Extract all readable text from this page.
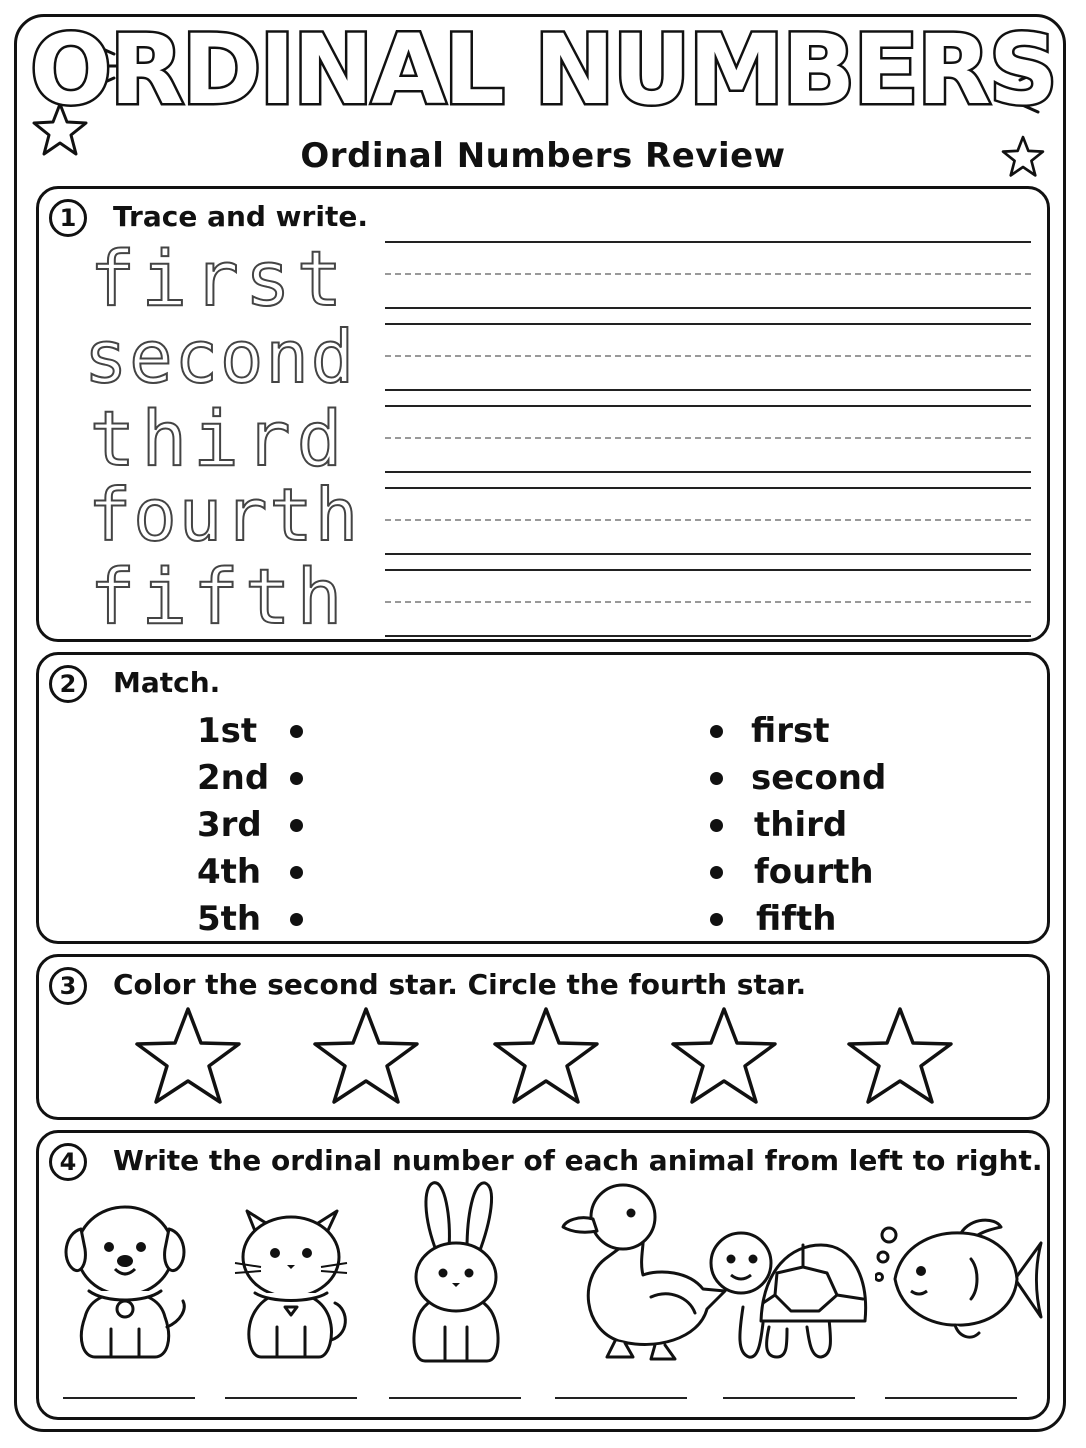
ORDINAL NUMBERS
Ordinal Numbers Review
1	Trace and write.
first
second
third
fourth
fifth
2	Match.
1st
2nd
3rd
4th
5th
first
second
third
fourth
fifth
3	Color the second star. Circle the fourth star.
4	Write the ordinal number of each animal from left to right.
